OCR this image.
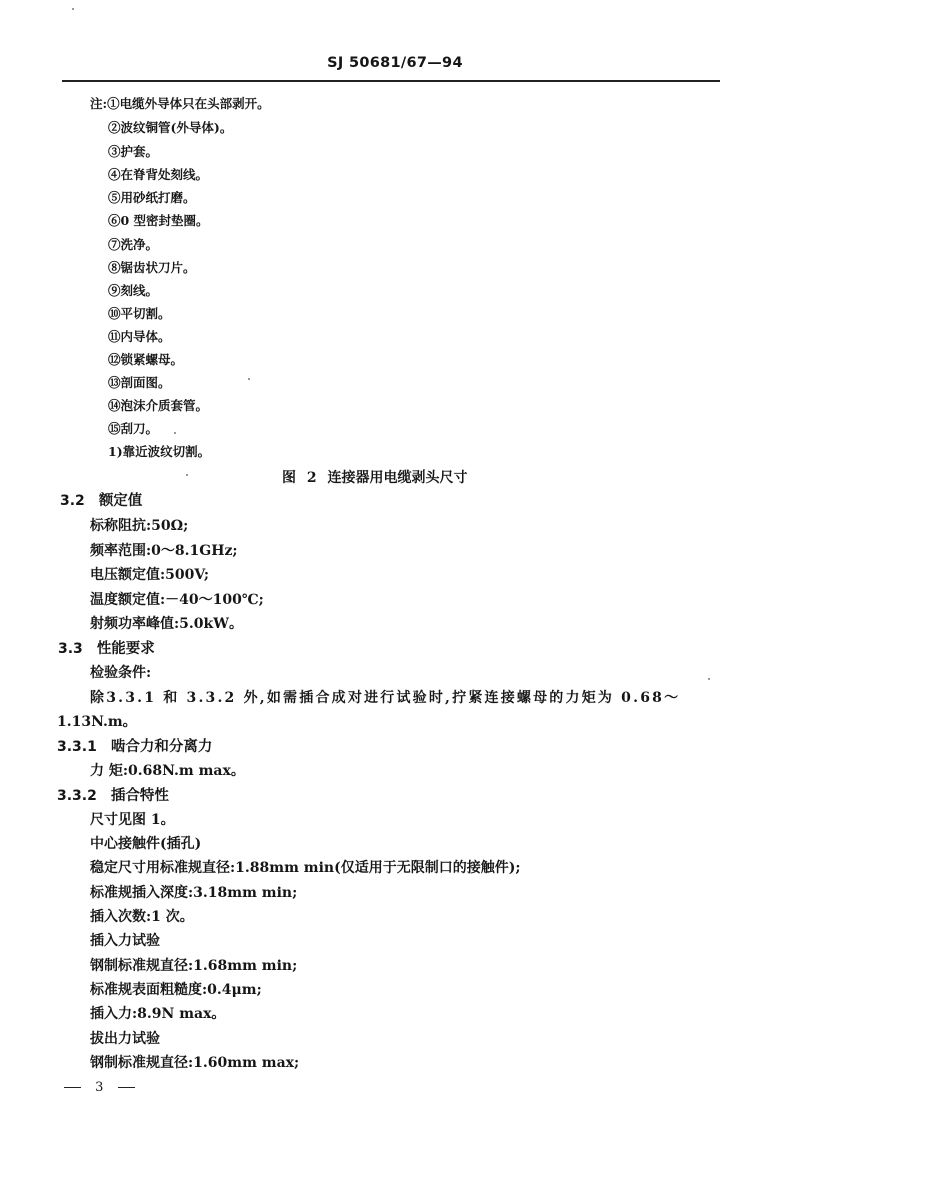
SJ 50681/67—94
注:①电缆外导体只在头部剥开。
②波纹铜管(外导体)。
③护套。
④在脊背处刻线。
⑤用砂纸打磨。
⑥0 型密封垫圈。
⑦洗净。
⑧锯齿状刀片。
⑨刻线。
⑩平切割。
⑪内导体。
⑫锁紧螺母。
⑬剖面图。
⑭泡沫介质套管。
⑮刮刀。
1)靠近波纹切割。
图 2 连接器用电缆剥头尺寸
3.2 额定值
标称阻抗:50Ω;
频率范围:0～8.1GHz;
电压额定值:500V;
温度额定值:－40～100℃;
射频功率峰值:5.0kW。
3.3 性能要求
检验条件:
除3.3.1 和 3.3.2 外,如需插合成对进行试验时,拧紧连接螺母的力矩为 0.68～
1.13N.m。
3.3.1 啮合力和分离力
力 矩:0.68N.m max。
3.3.2 插合特性
尺寸见图 1。
中心接触件(插孔)
稳定尺寸用标准规直径:1.88mm min(仅适用于无限制口的接触件);
标准规插入深度:3.18mm min;
插入次数:1 次。
插入力试验
钢制标准规直径:1.68mm min;
标准规表面粗糙度:0.4μm;
插入力:8.9N max。
拔出力试验
钢制标准规直径:1.60mm max;
3
